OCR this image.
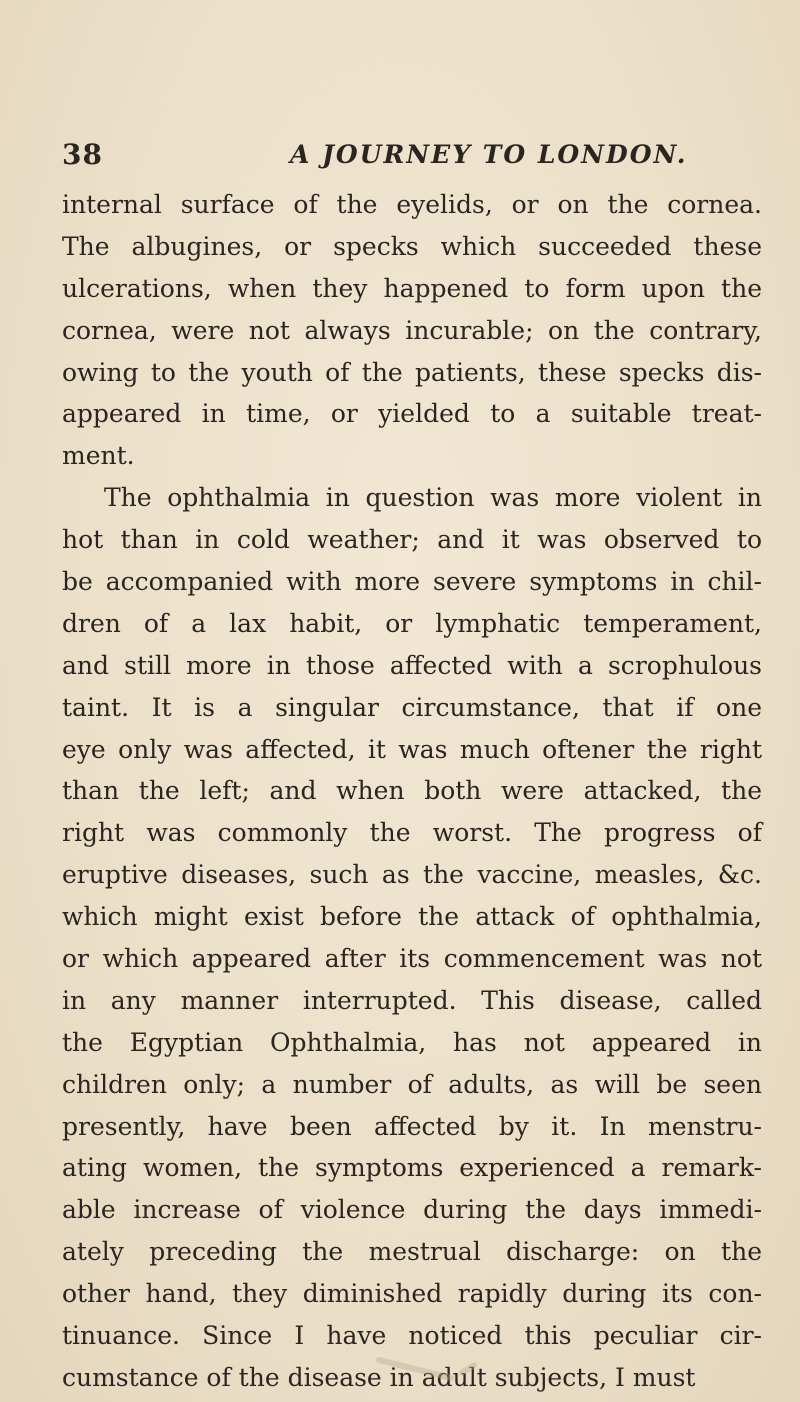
38	A JOURNEY TO LONDON.
internal surface of the eyelids, or on the cornea.
The albugines, or specks which succeeded these
ulcerations, when they happened to form upon the
cornea, were not always incurable; on the contrary,
owing to the youth of the patients, these specks dis-
appeared in time, or yielded to a suitable treat-
ment.
The ophthalmia in question was more violent in
hot than in cold weather; and it was observed to
be accompanied with more severe symptoms in chil-
dren of a lax habit, or lymphatic temperament,
and still more in those affected with a scrophulous
taint. It is a singular circumstance, that if one
eye only was affected, it was much oftener the right
than the left; and when both were attacked, the
right was commonly the worst. The progress of
eruptive diseases, such as the vaccine, measles, &c.
which might exist before the attack of ophthalmia,
or which appeared after its commencement was not
in any manner interrupted. This disease, called
the Egyptian Ophthalmia, has not appeared in
children only; a number of adults, as will be seen
presently, have been affected by it. In menstru-
ating women, the symptoms experienced a remark-
able increase of violence during the days immedi-
ately preceding the mestrual discharge: on the
other hand, they diminished rapidly during its con-
tinuance. Since I have noticed this peculiar cir-
cumstance of the disease in adult subjects, I must
